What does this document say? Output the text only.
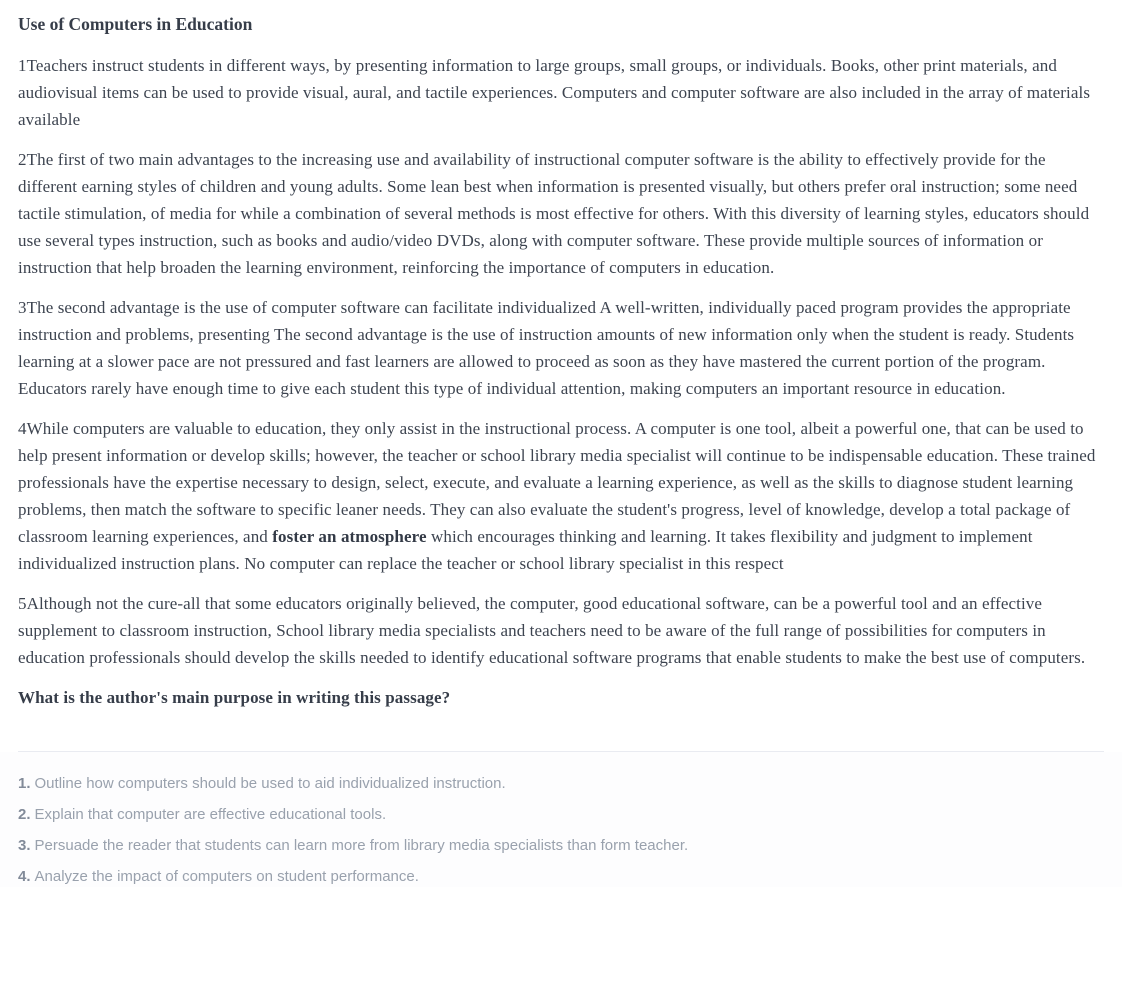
Use of Computers in Education

1Teachers instruct students in different ways, by presenting information to large groups, small groups, or individuals. Books, other print materials, and audiovisual items can be used to provide visual, aural, and tactile experiences. Computers and computer software are also included in the array of materials available

2The first of two main advantages to the increasing use and availability of instructional computer software is the ability to effectively provide for the different earning styles of children and young adults. Some lean best when information is presented visually, but others prefer oral instruction; some need tactile stimulation, of media for while a combination of several methods is most effective for others. With this diversity of learning styles, educators should use several types instruction, such as books and audio/video DVDs, along with computer software. These provide multiple sources of information or instruction that help broaden the learning environment, reinforcing the importance of computers in education.

3The second advantage is the use of computer software can facilitate individualized A well-written, individually paced program provides the appropriate instruction and problems, presenting The second advantage is the use of instruction amounts of new information only when the student is ready. Students learning at a slower pace are not pressured and fast learners are allowed to proceed as soon as they have mastered the current portion of the program. Educators rarely have enough time to give each student this type of individual attention, making computers an important resource in education.

4While computers are valuable to education, they only assist in the instructional process. A computer is one tool, albeit a powerful one, that can be used to help present information or develop skills; however, the teacher or school library media specialist will continue to be indispensable education. These trained professionals have the expertise necessary to design, select, execute, and evaluate a learning experience, as well as the skills to diagnose student learning problems, then match the software to specific leaner needs. They can also evaluate the student's progress, level of knowledge, develop a total package of classroom learning experiences, and foster an atmosphere which encourages thinking and learning. It takes flexibility and judgment to implement individualized instruction plans. No computer can replace the teacher or school library specialist in this respect

5Although not the cure-all that some educators originally believed, the computer, good educational software, can be a powerful tool and an effective supplement to classroom instruction, School library media specialists and teachers need to be aware of the full range of possibilities for computers in education professionals should develop the skills needed to identify educational software programs that enable students to make the best use of computers.

What is the author's main purpose in writing this passage?

1. Outline how computers should be used to aid individualized instruction.
2. Explain that computer are effective educational tools.
3. Persuade the reader that students can learn more from library media specialists than form teacher.
4. Analyze the impact of computers on student performance.
